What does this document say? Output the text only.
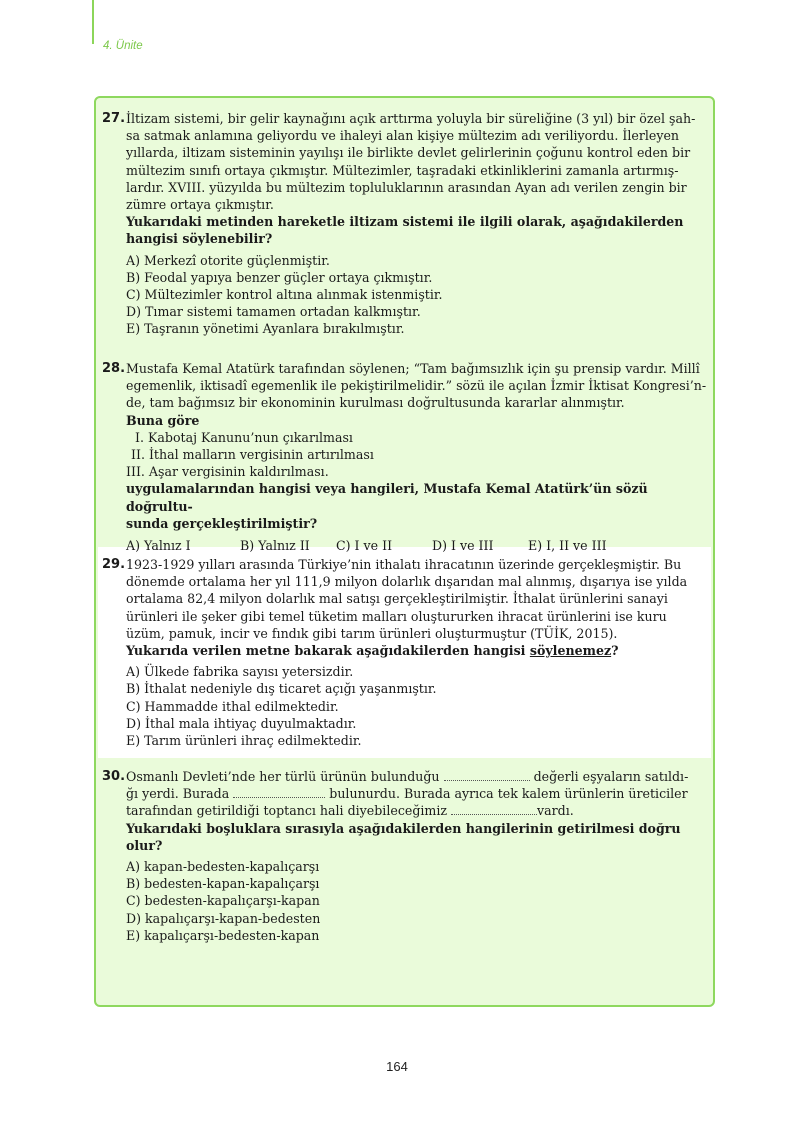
4. Ünite
27. İltizam sistemi, bir gelir kaynağını açık arttırma yoluyla bir süreliğine (3 yıl) bir özel şah-

sa satmak anlamına geliyordu ve ihaleyi alan kişiye mültezim adı veriliyordu. İlerleyen

yıllarda, iltizam sisteminin yayılışı ile birlikte devlet gelirlerinin çoğunu kontrol eden bir

mültezim sınıfı ortaya çıkmıştır. Mültezimler, taşradaki etkinliklerini zamanla artırmış-

lardır. XVIII. yüzyılda bu mültezim topluluklarının arasından Ayan adı verilen zengin bir

zümre ortaya çıkmıştır.

Yukarıdaki metinden hareketle iltizam sistemi ile ilgili olarak, aşağıdakilerden

hangisi söylenebilir?

A) Merkezî otorite güçlenmiştir.
B) Feodal yapıya benzer güçler ortaya çıkmıştır.
C) Mültezimler kontrol altına alınmak istenmiştir.
D) Tımar sistemi tamamen ortadan kalkmıştır.
E) Taşranın yönetimi Ayanlara bırakılmıştır.
28. Mustafa Kemal Atatürk tarafından söylenen; “Tam bağımsızlık için şu prensip vardır. Millî

egemenlik, iktisadî egemenlik ile pekiştirilmelidir.” sözü ile açılan İzmir İktisat Kongresi’n-

de, tam bağımsız bir ekonominin kurulması doğrultusunda kararlar alınmıştır.

Buna göre

I. Kabotaj Kanunu’nun çıkarılması
II. İthal malların vergisinin artırılması
III. Aşar vergisinin kaldırılması.

uygulamalarından hangisi veya hangileri, Mustafa Kemal Atatürk’ün sözü doğrultu-

sunda gerçekleştirilmiştir?

A) Yalnız I	B) Yalnız II	C) I ve II	D) I ve III	E) I, II ve III
29. 1923-1929 yılları arasında Türkiye’nin ithalatı ihracatının üzerinde gerçekleşmiştir. Bu

dönemde ortalama her yıl 111,9 milyon dolarlık dışarıdan mal alınmış, dışarıya ise yılda

ortalama 82,4 milyon dolarlık mal satışı gerçekleştirilmiştir. İthalat ürünlerini sanayi

ürünleri ile şeker gibi temel tüketim malları oluştururken ihracat ürünlerini ise kuru

üzüm, pamuk, incir ve fındık gibi tarım ürünleri oluşturmuştur (TÜİK, 2015).

Yukarıda verilen metne bakarak aşağıdakilerden hangisi söylenemez?

A) Ülkede fabrika sayısı yetersizdir.
B) İthalat nedeniyle dış ticaret açığı yaşanmıştır.
C) Hammadde ithal edilmektedir.
D) İthal mala ihtiyaç duyulmaktadır.
E) Tarım ürünleri ihraç edilmektedir.
30. Osmanlı Devleti’nde her türlü ürünün bulunduğu	değerli eşyaların satıldı-

ğı yerdi. Burada	bulunurdu. Burada ayrıca tek kalem ürünlerin üreticiler

tarafından getirildiği toptancı hali diyebileceğimiz	vardı.

Yukarıdaki boşluklara sırasıyla aşağıdakilerden hangilerinin getirilmesi doğru

olur?

A) kapan-bedesten-kapalıçarşı
B) bedesten-kapan-kapalıçarşı
C) bedesten-kapalıçarşı-kapan
D) kapalıçarşı-kapan-bedesten
E) kapalıçarşı-bedesten-kapan
164
